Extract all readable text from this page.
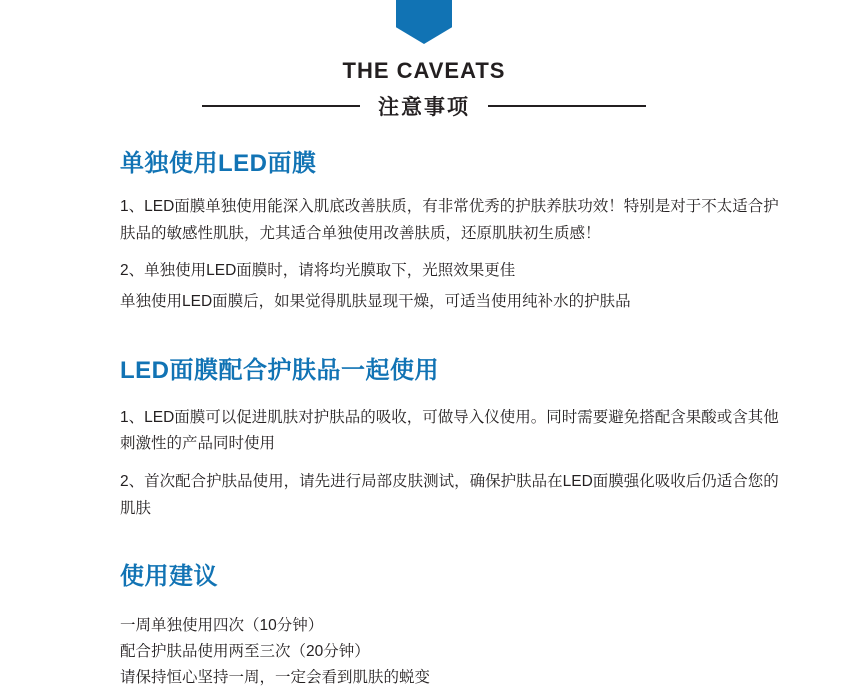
THE CAVEATS
注意事项
单独使用LED面膜

1、LED面膜单独使用能深入肌底改善肤质，有非常优秀的护肤养肤功效！特别是对于不太适合护肤品的敏感性肌肤，尤其适合单独使用改善肤质，还原肌肤初生质感！

2、单独使用LED面膜时，请将均光膜取下，光照效果更佳

单独使用LED面膜后，如果觉得肌肤显现干燥，可适当使用纯补水的护肤品

LED面膜配合护肤品一起使用

1、LED面膜可以促进肌肤对护肤品的吸收，可做导入仪使用。同时需要避免搭配含果酸或含其他刺激性的产品同时使用

2、首次配合护肤品使用，请先进行局部皮肤测试，确保护肤品在LED面膜强化吸收后仍适合您的肌肤

使用建议

一周单独使用四次（10分钟）

配合护肤品使用两至三次（20分钟）

请保持恒心坚持一周，一定会看到肌肤的蜕变
